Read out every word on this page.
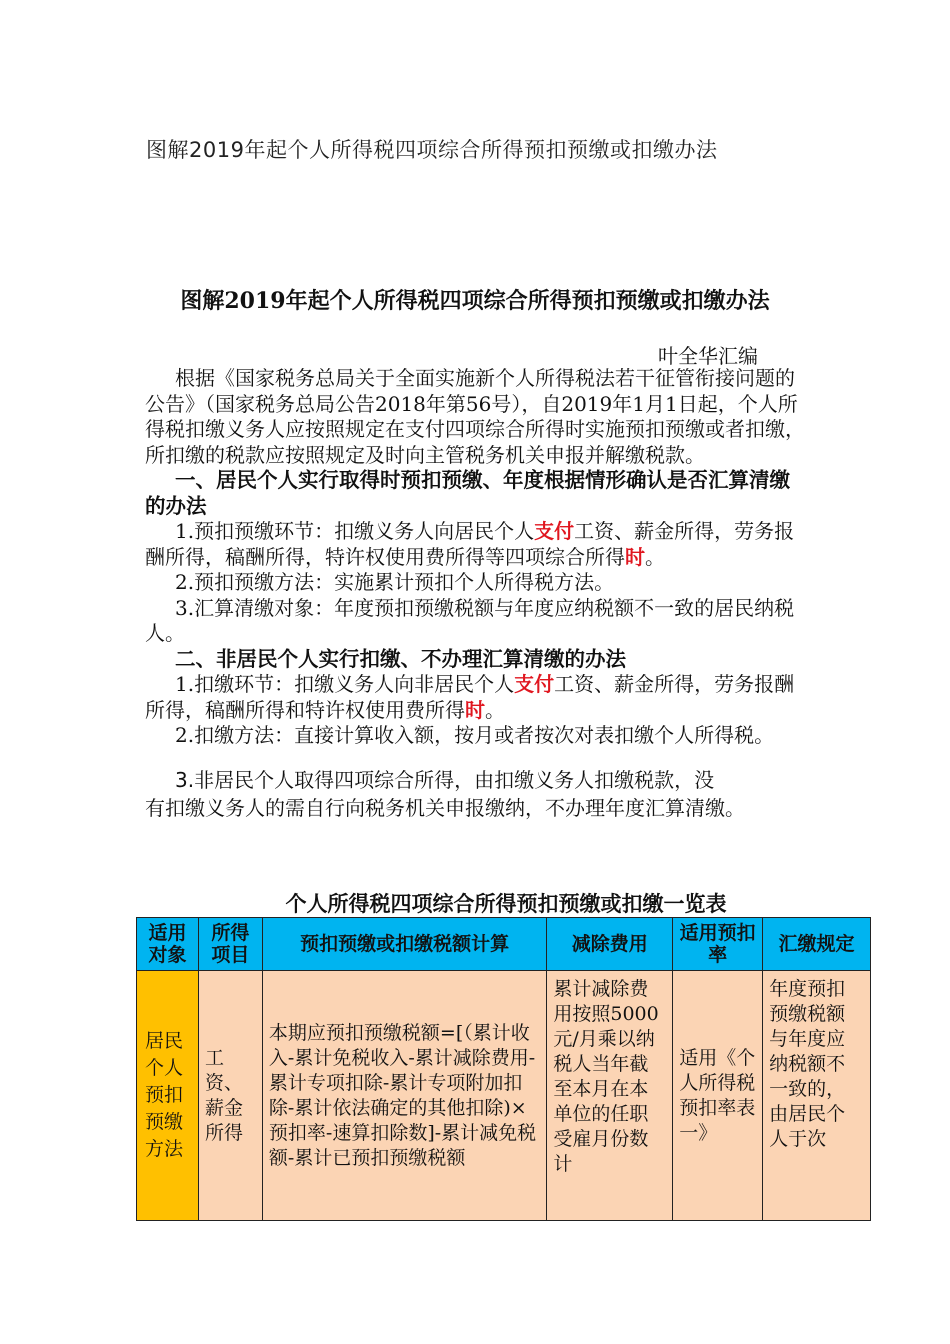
图解2019年起个人所得税四项综合所得预扣预缴或扣缴办法
图解2019年起个人所得税四项综合所得预扣预缴或扣缴办法
叶全华汇编

根据《国家税务总局关于全面实施新个人所得税法若干征管衔接问题的公告》（国家税务总局公告2018年第56号），自2019年1月1日起，个人所得税扣缴义务人应按照规定在支付四项综合所得时实施预扣预缴或者扣缴，所扣缴的税款应按照规定及时向主管税务机关申报并解缴税款。

一、居民个人实行取得时预扣预缴、年度根据情形确认是否汇算清缴的办法

1.预扣预缴环节：扣缴义务人向居民个人支付工资、薪金所得，劳务报酬所得，稿酬所得，特许权使用费所得等四项综合所得时。

2.预扣预缴方法：实施累计预扣个人所得税方法。

3.汇算清缴对象：年度预扣预缴税额与年度应纳税额不一致的居民纳税人。

二、非居民个人实行扣缴、不办理汇算清缴的办法

1.扣缴环节：扣缴义务人向非居民个人支付工资、薪金所得，劳务报酬所得，稿酬所得和特许权使用费所得时。

2.扣缴方法：直接计算收入额，按月或者按次对表扣缴个人所得税。

3.非居民个人取得四项综合所得，由扣缴义务人扣缴税款，没

有扣缴义务人的需自行向税务机关申报缴纳，不办理年度汇算清缴。

个人所得税四项综合所得预扣预缴或扣缴一览表
适用对象	所得项目	预扣预缴或扣缴税额计算	减除费用	适用预扣率	汇缴规定
居民个人预扣预缴方法	工资、薪金所得	本期应预扣预缴税额=[（累计收入-累计免税收入-累计减除费用-累计专项扣除-累计专项附加扣除-累计依法确定的其他扣除)×预扣率-速算扣除数]-累计减免税额-累计已预扣预缴税额	累计减除费用按照5000元/月乘以纳税人当年截至本月在本单位的任职受雇月份数计	适用《个人所得税预扣率表一》	年度预扣预缴税额与年度应纳税额不一致的，由居民个人于次
